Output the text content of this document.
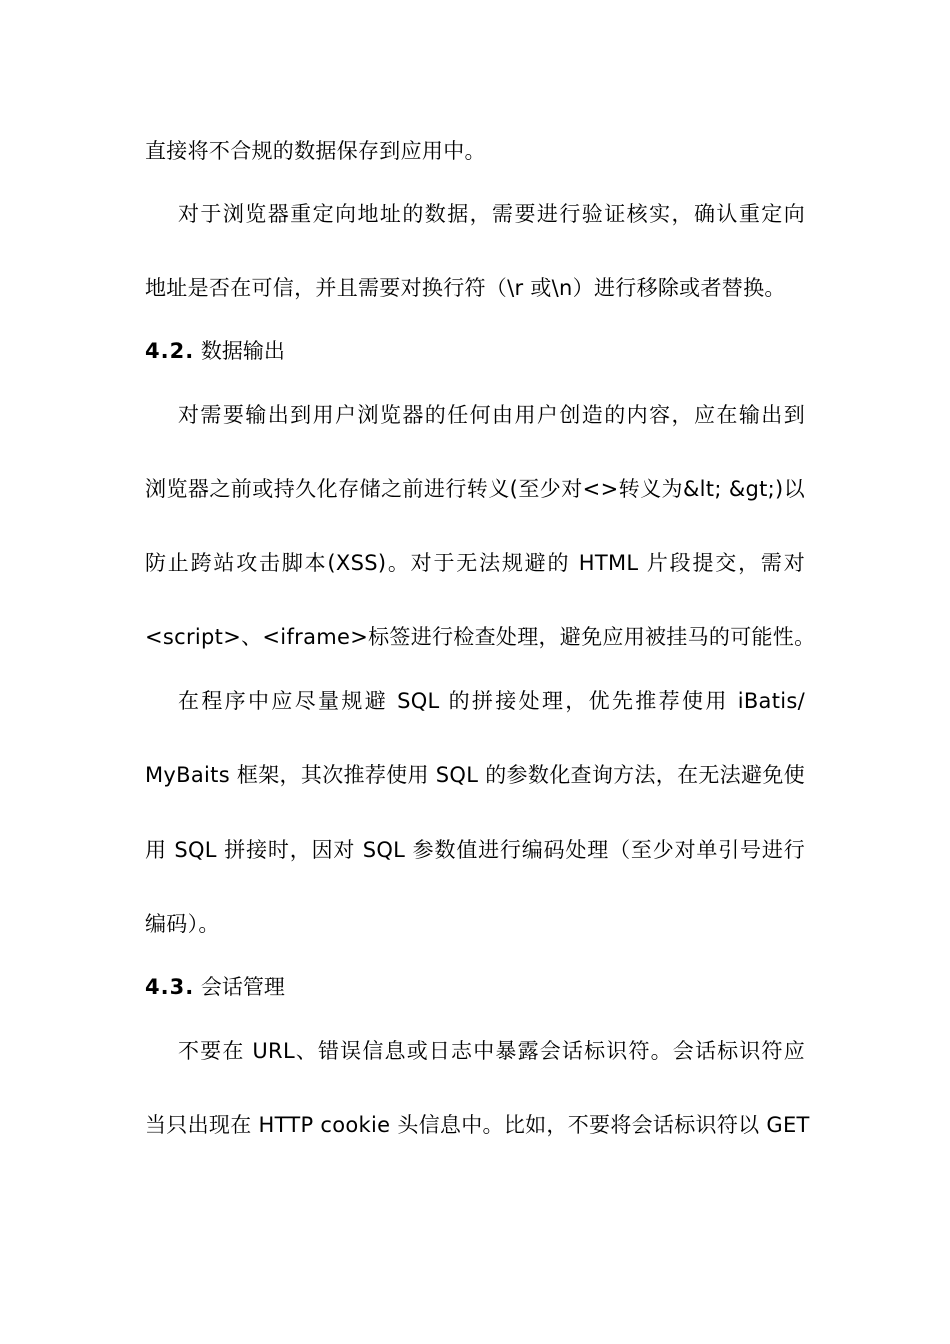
直接将不合规的数据保存到应用中。
对于浏览器重定向地址的数据，需要进行验证核实，确认重定向
地址是否在可信，并且需要对换行符（\r 或\n）进行移除或者替换。
4.2. 数据输出
对需要输出到用户浏览器的任何由用户创造的内容，应在输出到
浏览器之前或持久化存储之前进行转义(至少对<>转义为&lt; &gt;)以
防止跨站攻击脚本(XSS)。对于无法规避的 HTML 片段提交，需对
<script>、<iframe>标签进行检查处理，避免应用被挂马的可能性。
在程序中应尽量规避 SQL 的拼接处理，优先推荐使用 iBatis/
MyBaits 框架，其次推荐使用 SQL 的参数化查询方法，在无法避免使
用 SQL 拼接时，因对 SQL 参数值进行编码处理（至少对单引号进行
编码）。
4.3. 会话管理
不要在 URL、错误信息或日志中暴露会话标识符。会话标识符应
当只出现在 HTTP cookie 头信息中。比如，不要将会话标识符以 GET
